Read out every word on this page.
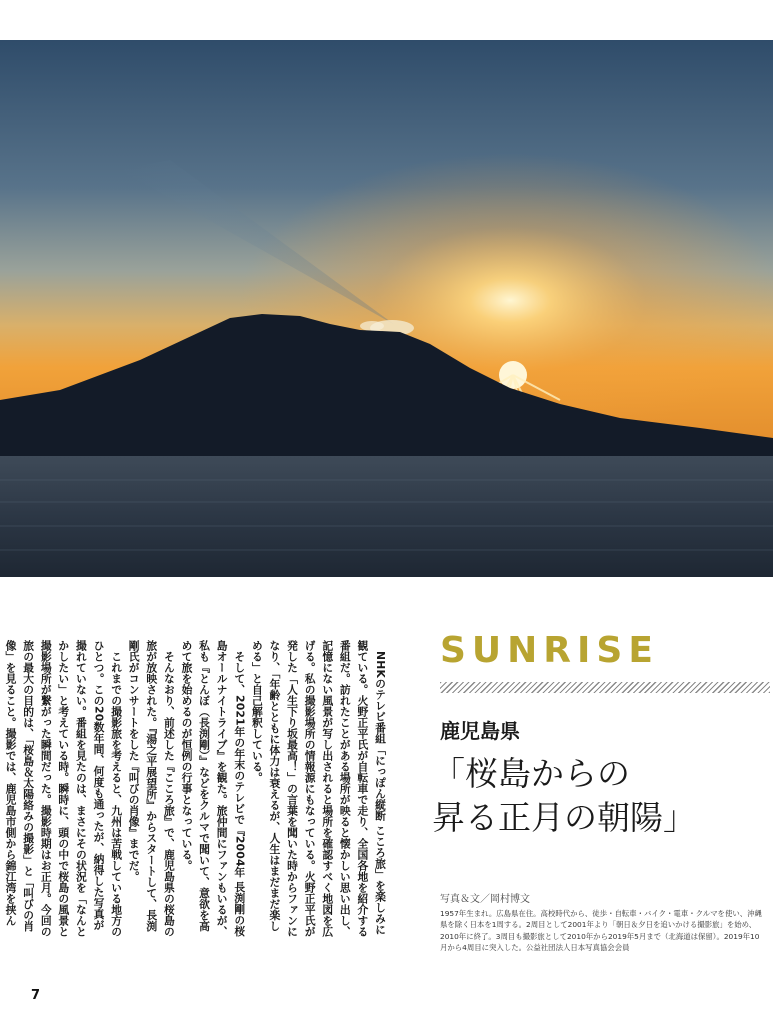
NHKのテレビ番組「にっぽん縦断 こころ旅」を楽しみに観ている。火野正平氏が自転車で走り、全国各地を紹介する番組だ。訪れたことがある場所が映ると懐かしい思い出し、記憶にない風景が写し出されると場所を確認すべく地図を広げる。私の撮影場所の情報源にもなっている。火野正平氏が発した「人生下り坂最高！」の言葉を聞いた時からファンになり、「年齢とともに体力は衰えるが、人生はまだまだ楽しめる」と自己解釈している。

そして、2021年の年末のテレビで『2004年 長渕剛の桜島オールナイトライブ』を観た。旅仲間にファンもいるが、私も『とんぼ（長渕剛）』などをクルマで聞いて、意欲を高めて旅を始めるのが恒例の行事となっている。

そんなおり、前述した『こころ旅』で、鹿児島県の桜島の旅が放映された。『湯之平展望所』からスタートして、長渕剛氏がコンサートをした『叫びの肖像』までだ。

これまでの撮影旅を考えると、九州は苦戦している地方のひとつ。この20数年間、何度も通ったが、納得した写真が撮れていない。番組を見たのは、まさにその状況を「なんとかしたい」と考えている時。瞬時に、頭の中で桜島の風景と撮影場所が繋がった瞬間だった。撮影時期はお正月。今回の旅の最大の目的は、「桜島＆太陽絡みの撮影」と「叫びの肖像」を見ること。撮影では、鹿児島市側から錦江湾を挟ん

7
SUNRISE
鹿児島県
「桜島からの
昇る正月の朝陽」
写真＆文／岡村博文
1957年生まれ。広島県在住。高校時代から、徒歩・自転車・バイク・電車・クルマを使い、沖縄県を除く日本を1周する。2周目として2001年より「朝日＆夕日を追いかける撮影旅」を始め、2010年に終了。3周目も撮影旅として2010年から2019年5月まで（北海道は保留）。2019年10月から4周目に突入した。公益社団法人日本写真協会会員
